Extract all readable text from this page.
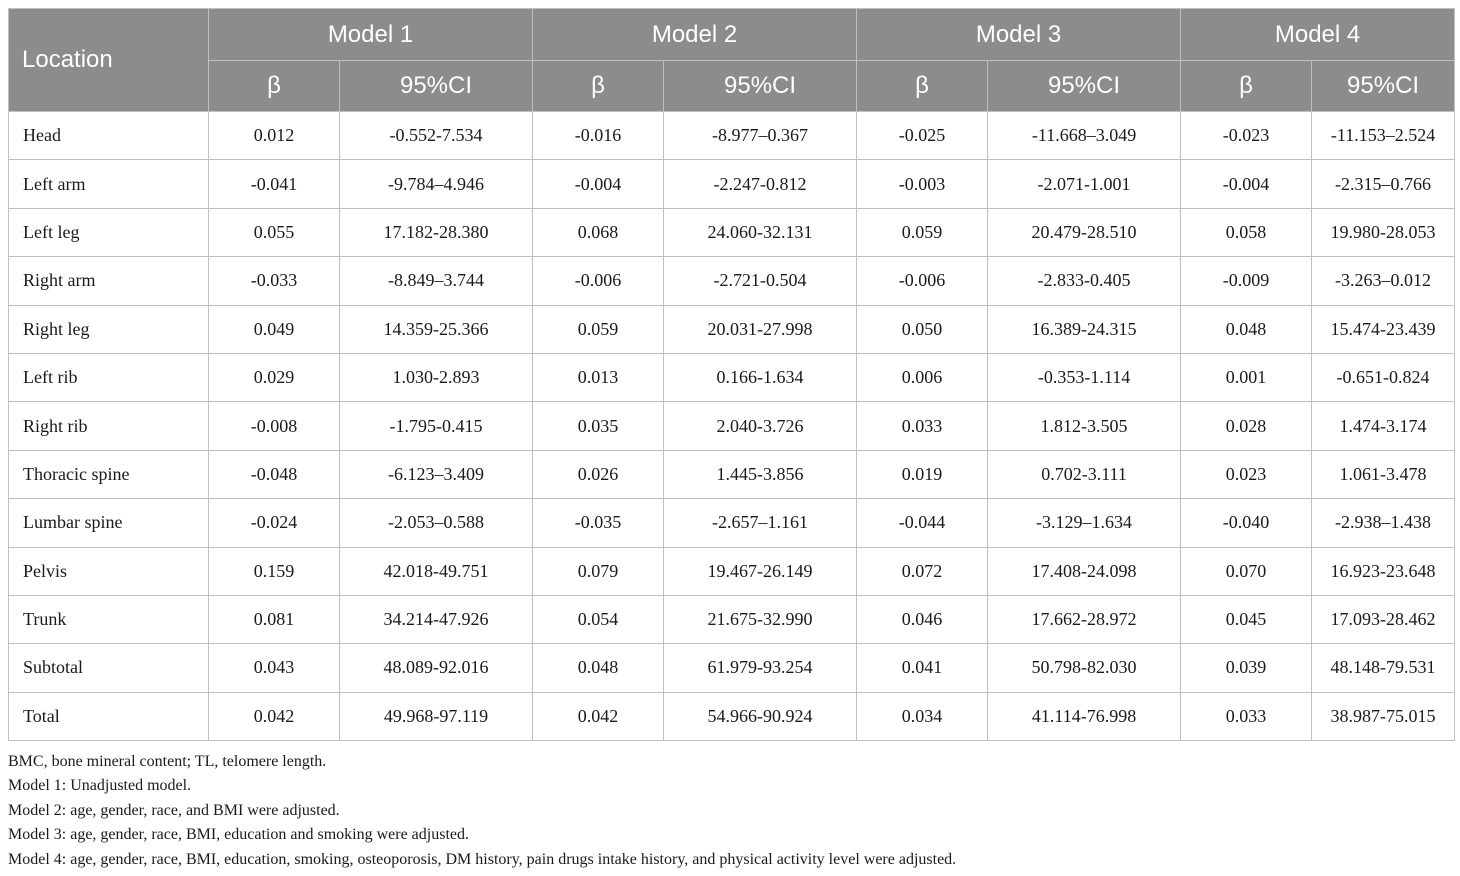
Location	Model 1		Model 2		Model 3		Model 4	
	β	95%CI	β	95%CI	β	95%CI	β	95%CI
Head	0.012	-0.552-7.534	-0.016	-8.977–0.367	-0.025	-11.668–3.049	-0.023	-11.153–2.524
Left arm	-0.041	-9.784–4.946	-0.004	-2.247-0.812	-0.003	-2.071-1.001	-0.004	-2.315–0.766
Left leg	0.055	17.182-28.380	0.068	24.060-32.131	0.059	20.479-28.510	0.058	19.980-28.053
Right arm	-0.033	-8.849–3.744	-0.006	-2.721-0.504	-0.006	-2.833-0.405	-0.009	-3.263–0.012
Right leg	0.049	14.359-25.366	0.059	20.031-27.998	0.050	16.389-24.315	0.048	15.474-23.439
Left rib	0.029	1.030-2.893	0.013	0.166-1.634	0.006	-0.353-1.114	0.001	-0.651-0.824
Right rib	-0.008	-1.795-0.415	0.035	2.040-3.726	0.033	1.812-3.505	0.028	1.474-3.174
Thoracic spine	-0.048	-6.123–3.409	0.026	1.445-3.856	0.019	0.702-3.111	0.023	1.061-3.478
Lumbar spine	-0.024	-2.053–0.588	-0.035	-2.657–1.161	-0.044	-3.129–1.634	-0.040	-2.938–1.438
Pelvis	0.159	42.018-49.751	0.079	19.467-26.149	0.072	17.408-24.098	0.070	16.923-23.648
Trunk	0.081	34.214-47.926	0.054	21.675-32.990	0.046	17.662-28.972	0.045	17.093-28.462
Subtotal	0.043	48.089-92.016	0.048	61.979-93.254	0.041	50.798-82.030	0.039	48.148-79.531
Total	0.042	49.968-97.119	0.042	54.966-90.924	0.034	41.114-76.998	0.033	38.987-75.015
BMC, bone mineral content; TL, telomere length.
Model 1: Unadjusted model.
Model 2: age, gender, race, and BMI were adjusted.
Model 3: age, gender, race, BMI, education and smoking were adjusted.
Model 4: age, gender, race, BMI, education, smoking, osteoporosis, DM history, pain drugs intake history, and physical activity level were adjusted.
